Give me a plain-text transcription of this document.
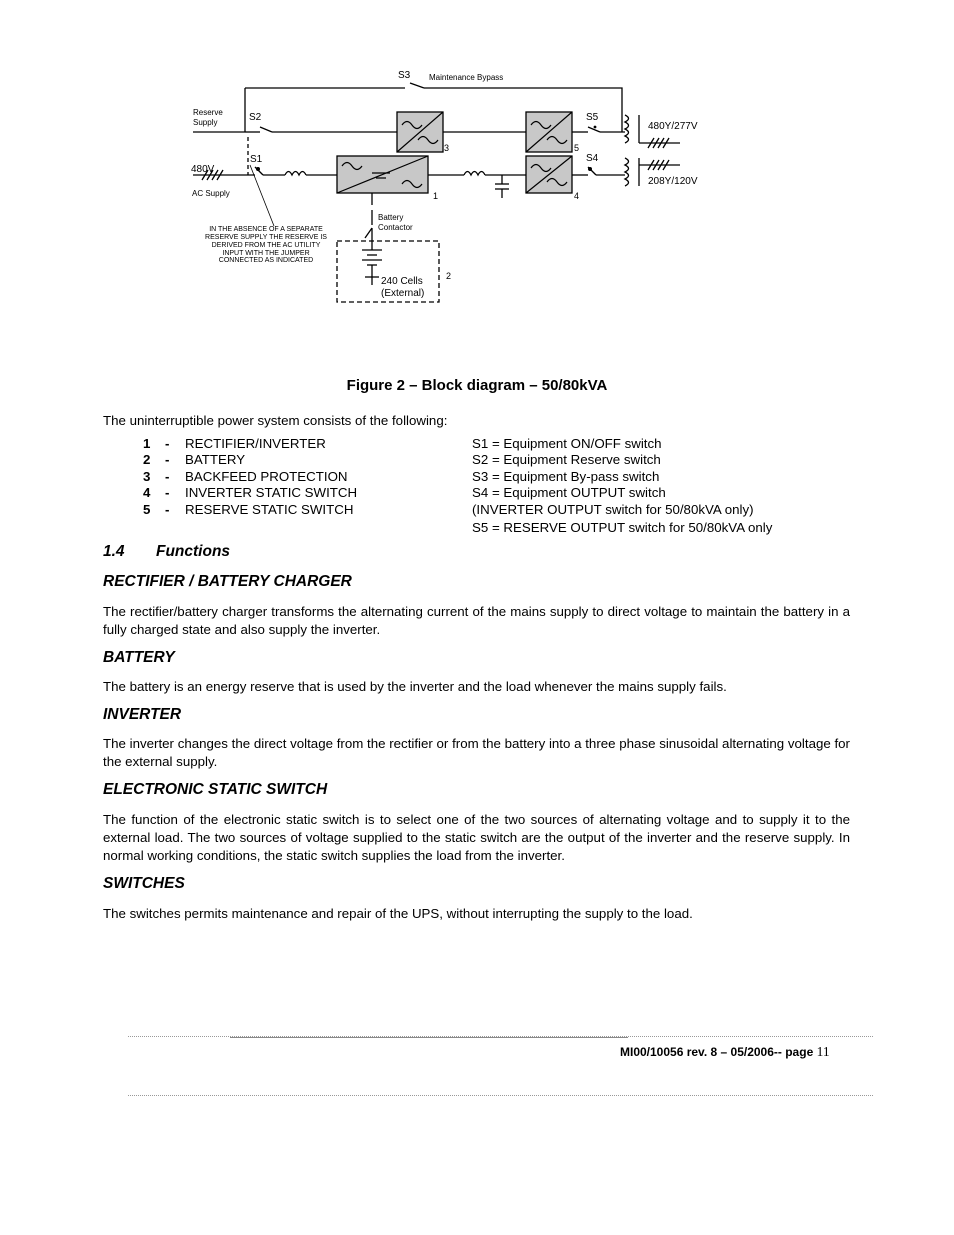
S3 Maintenance Bypass
Reserve
Supply	S2
S1
480V
AC Supply
S5
S4
480Y/277V
208Y/120V
1
2
3
4
5
Battery
Contactor
240 Cells
(External)
IN THE ABSENCE OF A SEPARATE
RESERVE SUPPLY THE RESERVE IS
DERIVED FROM THE AC UTILITY
INPUT WITH THE JUMPER
CONNECTED AS INDICATED
Figure 2 – Block diagram – 50/80kVA
The uninterruptible power system consists of the following:
1	-	RECTIFIER/INVERTER
2	-	BATTERY
3	-	BACKFEED PROTECTION
4	-	INVERTER STATIC SWITCH
5	-	RESERVE STATIC SWITCH
S1 = Equipment ON/OFF switch
S2 = Equipment Reserve switch
S3 = Equipment By-pass switch
S4 = Equipment OUTPUT switch
(INVERTER OUTPUT switch for 50/80kVA only)
S5 = RESERVE OUTPUT switch for 50/80kVA only
1.4 Functions
RECTIFIER / BATTERY CHARGER
The rectifier/battery charger transforms the alternating current of the mains supply to direct voltage to maintain the battery in a fully charged state and also supply the inverter.
BATTERY
The battery is an energy reserve that is used by the inverter and the load whenever the mains supply fails.
INVERTER
The inverter changes the direct voltage from the rectifier or from the battery into a three phase sinusoidal alternating voltage for the external supply.
ELECTRONIC STATIC SWITCH
The function of the electronic static switch is to select one of the two sources of alternating voltage and to supply it to the external load. The two sources of voltage supplied to the static switch are the output of the inverter and the reserve supply. In normal working conditions, the static switch supplies the load from the inverter.
SWITCHES
The switches permits maintenance and repair of the UPS, without interrupting the supply to the load.
MI00/10056 rev. 8 – 05/2006-- page 11
